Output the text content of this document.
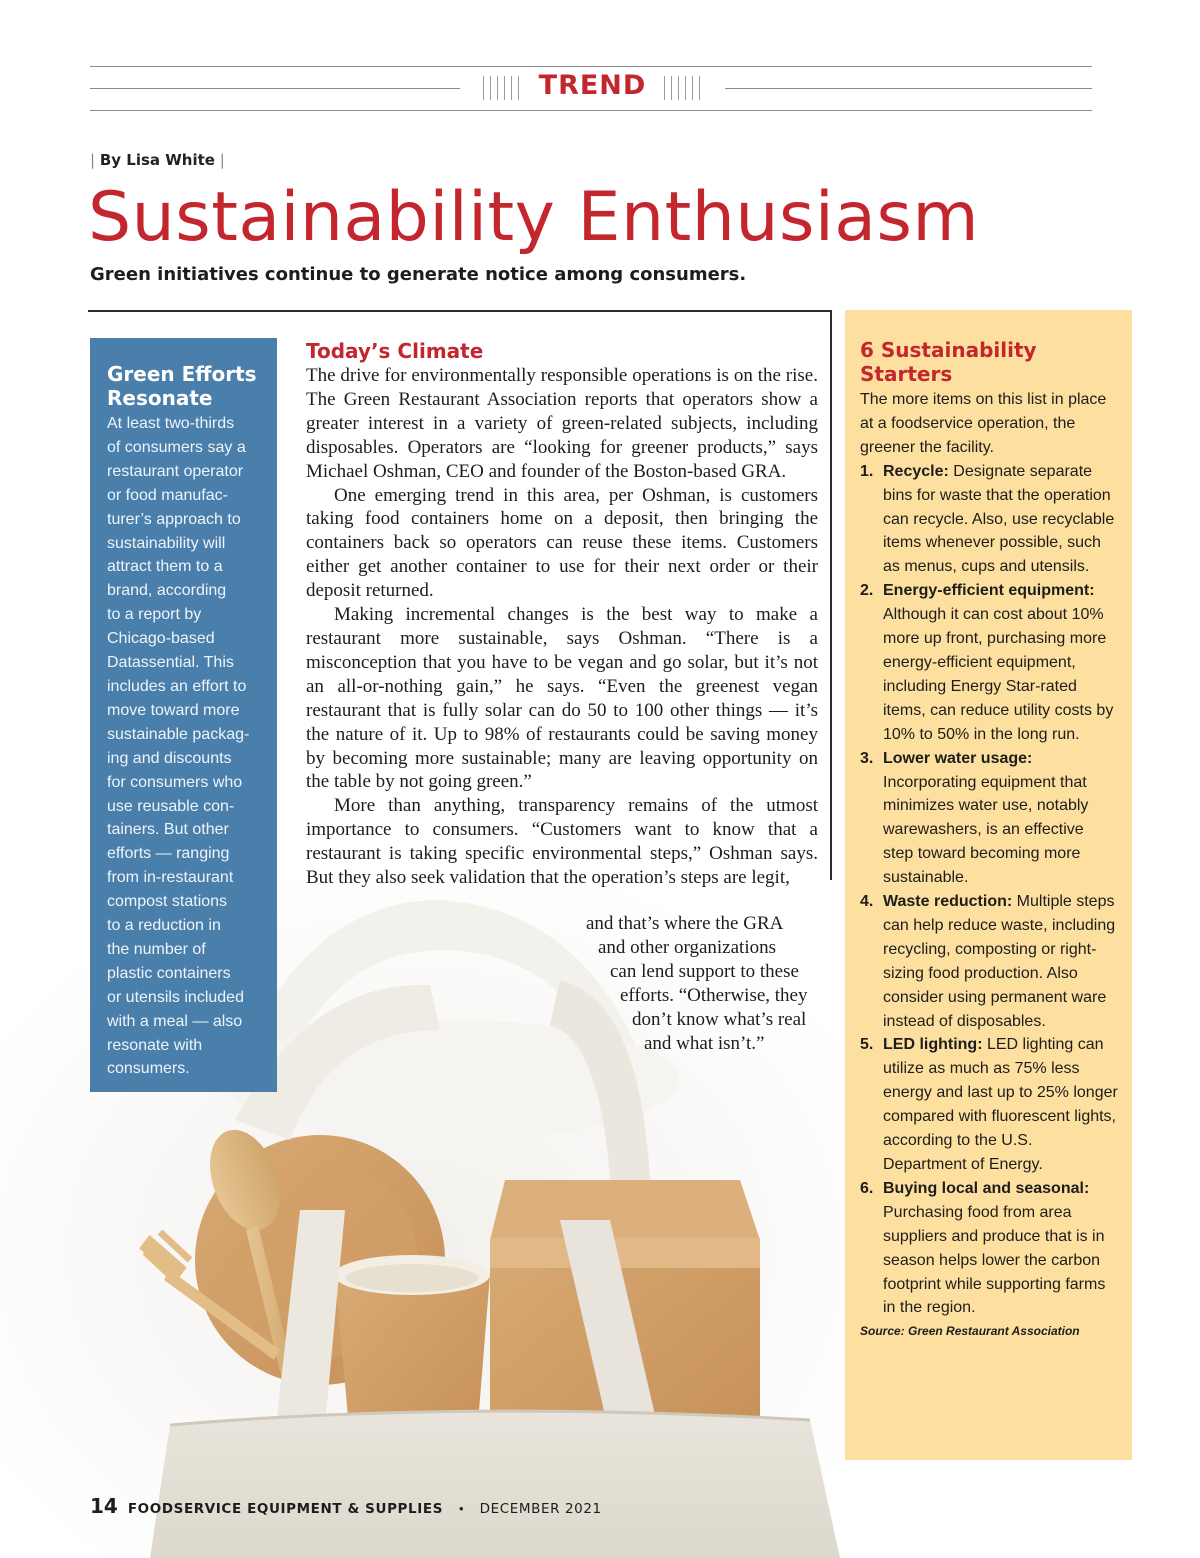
TREND
| By Lisa White |
Sustainability Enthusiasm
Green initiatives continue to generate notice among consumers.
Green Efforts Resonate

At least two-thirds
of consumers say a
restaurant operator
or food manufac-
turer’s approach to
sustainability will
attract them to a
brand, according
to a report by
Chicago-based
Datassential. This
includes an effort to
move toward more
sustainable packag-
ing and discounts
for consumers who
use reusable con-
tainers. But other
efforts — ranging
from in-restaurant
compost stations
to a reduction in
the number of
plastic containers
or utensils included
with a meal — also
resonate with
consumers.

Today’s Climate

The drive for environmentally responsible operations is on the rise. The Green Restaurant Association reports that operators show a greater interest in a variety of green-related subjects, including disposables. Operators are “looking for greener products,” says Michael Oshman, CEO and founder of the Boston-based GRA.

One emerging trend in this area, per Oshman, is customers taking food containers home on a deposit, then bringing the containers back so operators can reuse these items. Customers either get another container to use for their next order or their deposit returned.

Making incremental changes is the best way to make a restaurant more sustainable, says Oshman. “There is a misconception that you have to be vegan and go solar, but it’s not an all-or-nothing gain,” he says. “Even the greenest vegan restaurant that is fully solar can do 50 to 100 other things — it’s the nature of it. Up to 98% of restaurants could be saving money by becoming more sustainable; many are leaving opportunity on the table by not going green.”

More than anything, transparency remains of the utmost importance to consumers. “Customers want to know that a restaurant is taking specific environmental steps,” Oshman says. But they also seek validation that the operation’s steps are legit,

and that’s where the GRA
and other organizations
can lend support to these
efforts. “Otherwise, they
don’t know what’s real
and what isn’t.”
6 Sustainability Starters

The more items on this list in place at a foodservice operation, the greener the facility.

1. Recycle: Designate separate bins for waste that the operation can recycle. Also, use recyclable items whenever possible, such as menus, cups and utensils.
2. Energy-efficient equipment: Although it can cost about 10% more up front, purchasing more energy-efficient equipment, including Energy Star-rated items, can reduce utility costs by 10% to 50% in the long run.
3. Lower water usage: Incorporating equipment that minimizes water use, notably warewashers, is an effective step toward becoming more sustainable.
4. Waste reduction: Multiple steps can help reduce waste, including recycling, composting or right-sizing food production. Also consider using permanent ware instead of disposables.
5. LED lighting: LED lighting can utilize as much as 75% less energy and last up to 25% longer compared with fluorescent lights, according to the U.S. Department of Energy.
6. Buying local and seasonal: Purchasing food from area suppliers and produce that is in season helps lower the carbon footprint while supporting farms in the region.

Source: Green Restaurant Association

14 FOODSERVICE EQUIPMENT & SUPPLIES • DECEMBER 2021
